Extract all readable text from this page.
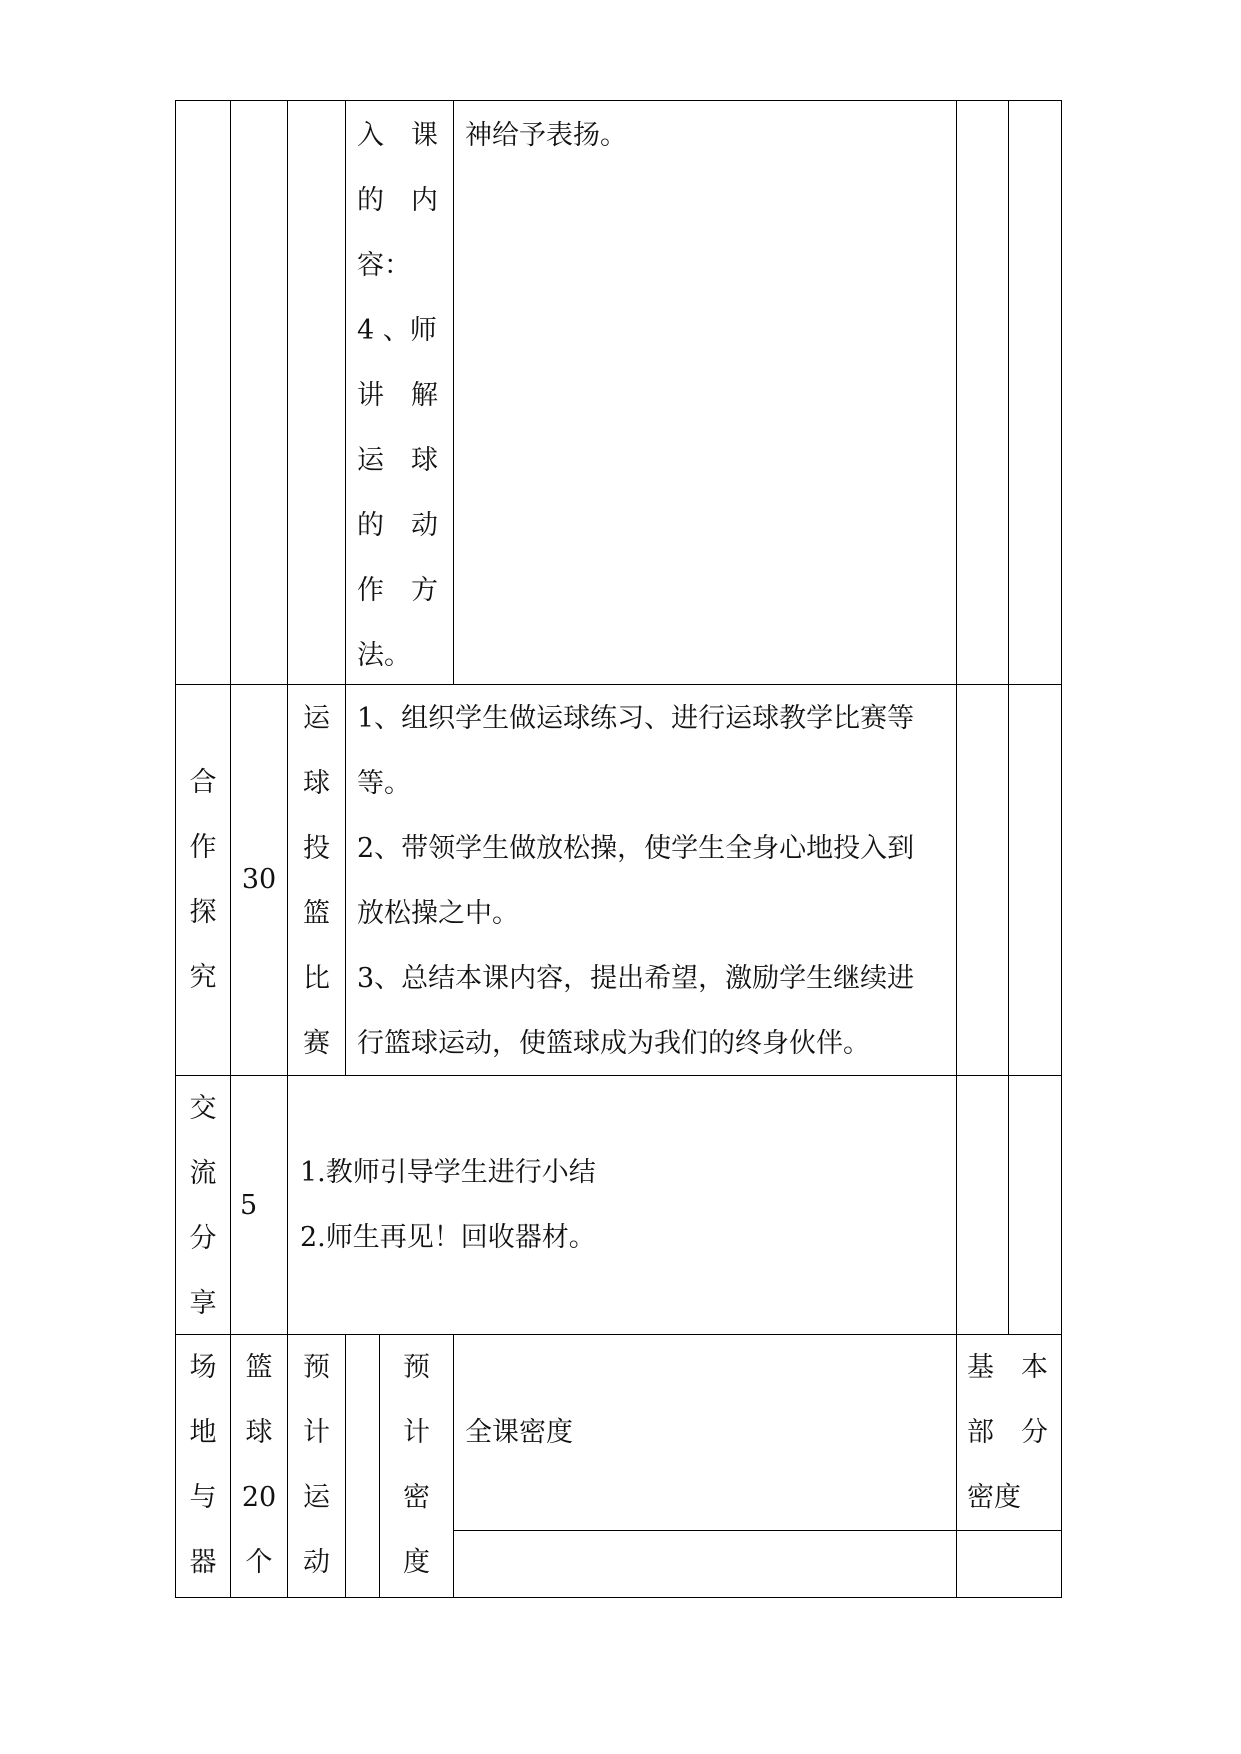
入　课
的　内
容：
4 、师
讲　解
运　球
的　动
作　方
法。
神给予表扬。
合
作
探
究
30
运
球
投
篮
比
赛
1、组织学生做运球练习、进行运球教学比赛等
等。
2、带领学生做放松操，使学生全身心地投入到
放松操之中。
3、总结本课内容，提出希望，激励学生继续进
行篮球运动，使篮球成为我们的终身伙伴。
交
流
分
享
5
1.教师引导学生进行小结
2.师生再见！回收器材。
场
地
与
器
篮
球
20
个
预
计
运
动
预
计
密
度
全课密度
基　本
部　分
密度
